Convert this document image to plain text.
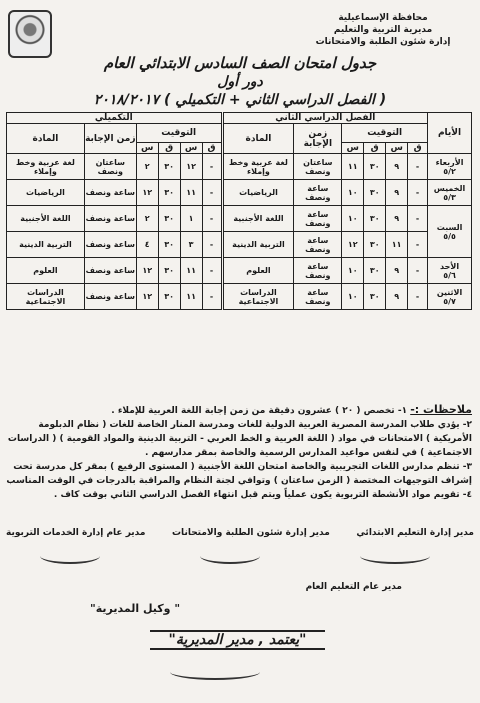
محافظة الإسماعيلية
مديرية التربية والتعليم
إدارة شئون الطلبة والامتحانات

جدول امتحان الصف السادس الابتدائي العام

دور أول

( الفصل الدراسي الثاني + التكميلي ) ٢٠١٨/٢٠١٧

الأيام	الفصل الدراسي الثاني						التكميلي					
	التوقيت				زمن الإجابة	المادة	التوقيت				زمن الإجابة	المادة
	ق	س	ق	س			ق	س	ق	س		

الأربعاء
٥/٢	-	٩	٣٠	١١	ساعتان ونصف	لغة عربية وخط وإملاء	-	١٢	٣٠	٢	ساعتان ونصف	لغة عربية وخط وإملاء

الخميس
٥/٣	-	٩	٣٠	١٠	ساعة ونصف	الرياضيات	-	١١	٣٠	١٢	ساعة ونصف	الرياضيات

السبت
٥/٥	-	٩	٣٠	١٠	ساعة ونصف	اللغة الأجنبية	-	١	٣٠	٢	ساعة ونصف	اللغة الأجنبية
	-	١١	٣٠	١٢	ساعة ونصف	التربية الدينية	-	٣	٣٠	٤	ساعة ونصف	التربية الدينية

الأحد
٥/٦	-	٩	٣٠	١٠	ساعة ونصف	العلوم	-	١١	٣٠	١٢	ساعة ونصف	العلوم

الاثنين
٥/٧	-	٩	٣٠	١٠	ساعة ونصف	الدراسات الاجتماعية	-	١١	٣٠	١٢	ساعة ونصف	الدراسات الاجتماعية
ملاحظات :- ١- تخصص ( ٢٠ ) عشرون دقيقة من زمن إجابة اللغة العربية للإملاء .
٢- يؤدي طلاب المدرسة المصرية العربية الدولية للغات ومدرسة المنار الخاصة للغات ( نظام الدبلومة الأمريكية ) الامتحانات في مواد ( اللغة العربية و الخط العربي - التربية الدينية والمواد القومية ) ( الدراسات الاجتماعية ) في لنفس مواعيد المدارس الرسمية والخاصة بمقر مدارسهم .
٣- تنظم مدارس اللغات التجريبية والخاصة امتحان اللغة الأجنبية ( المستوى الرفيع ) بمقر كل مدرسة تحت إشراف التوجيهات المختصة ( الزمن ساعتان ) وتوافي لجنة النظام والمراقبة بالدرجات في الوقت المناسب
٤- تقويم مواد الأنشطة التربوية يكون عملياً ويتم قبل انتهاء الفصل الدراسي الثاني بوقت كاف .
مدير إدارة التعليم الابتدائي
مدير إدارة شئون الطلبة والامتحانات
مدير عام إدارة الخدمات التربوية
مدير عام التعليم العام
"وكيل المديرية "
"يعتمد , مدير المديرية"
